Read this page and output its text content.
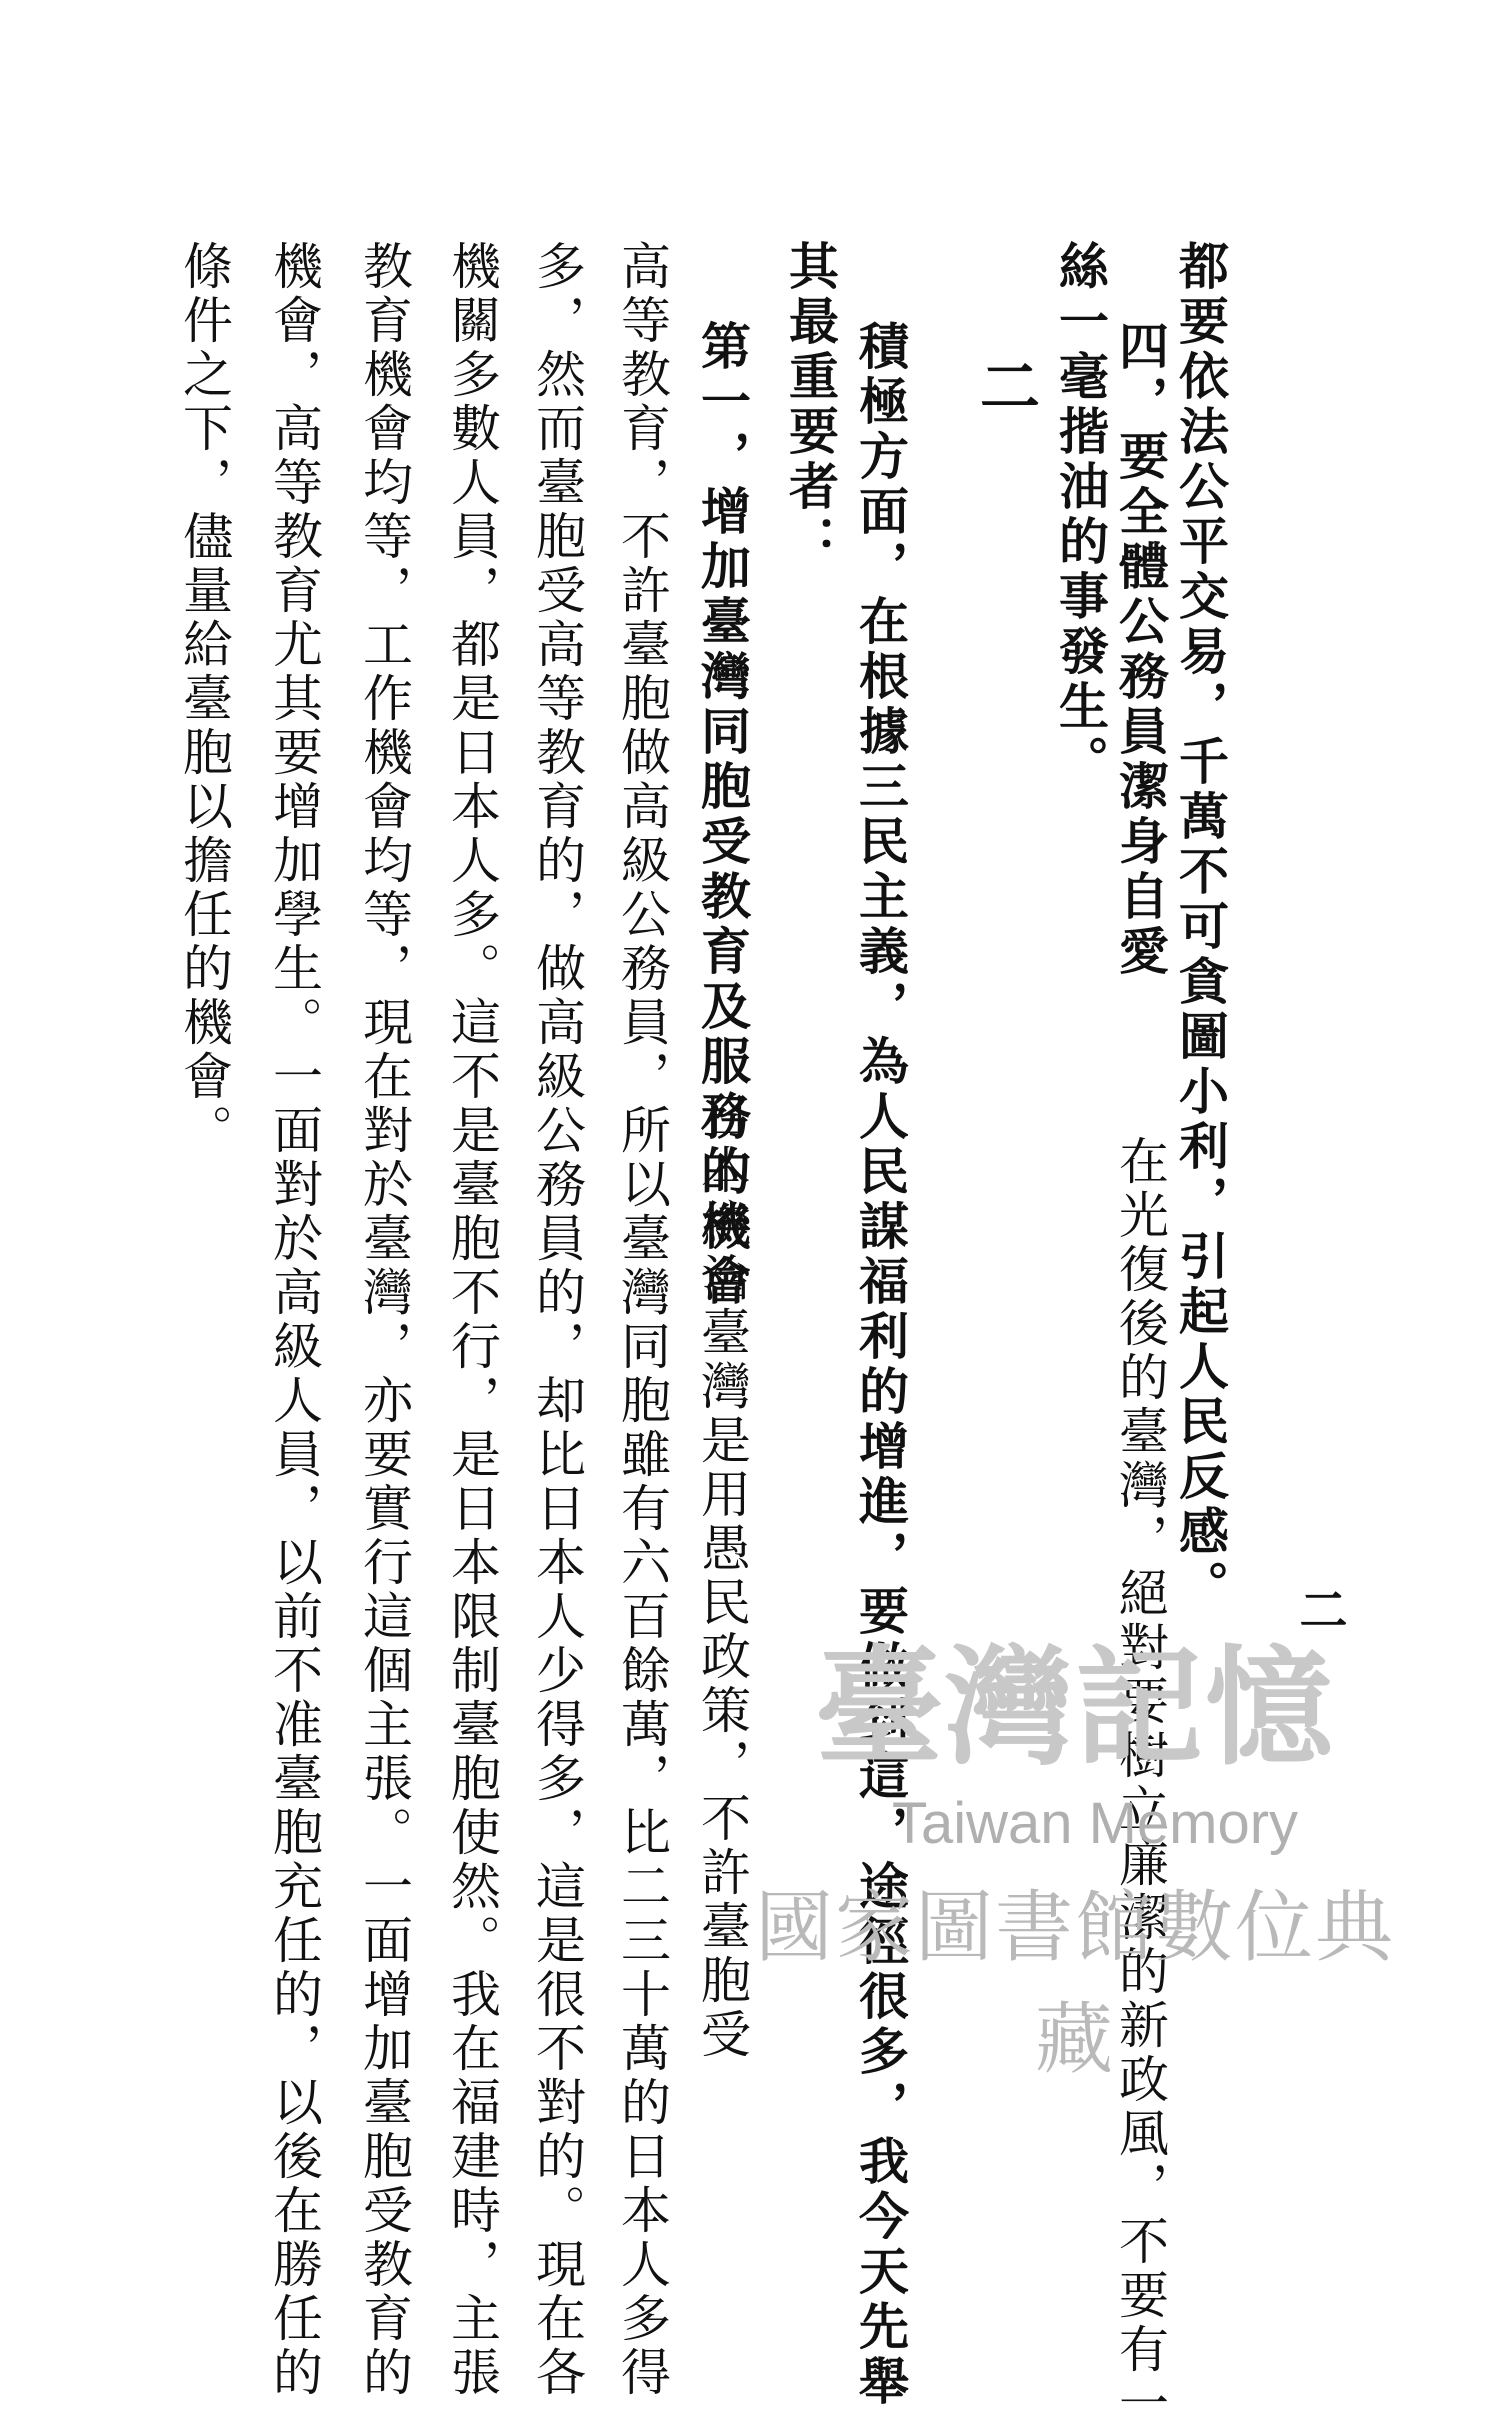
二
都要依法公平交易，千萬不可貪圖小利，引起人民反感。
四，要全體公務員潔身自愛
在光復後的臺灣，絕對要樹立廉潔的新政風，不要有一
絲一毫揩油的事發生。
二
積極方面，在根據三民主義，為人民謀福利的增進，要做到這，途徑很多，我今天先舉
其最重要者：
第一，增加臺灣同胞受教育及服務的機會
日本統治臺灣是用愚民政策，不許臺胞受
高等教育，不許臺胞做高級公務員，所以臺灣同胞雖有六百餘萬，比二三十萬的日本人多得
多，然而臺胞受高等教育的，做高級公務員的，却比日本人少得多，這是很不對的。現在各
機關多數人員，都是日本人多。這不是臺胞不行，是日本限制臺胞使然。我在福建時，主張
教育機會均等，工作機會均等，現在對於臺灣，亦要實行這個主張。一面增加臺胞受教育的
機會，高等教育尤其要增加學生。一面對於高級人員，以前不准臺胞充任的，以後在勝任的
條件之下，儘量給臺胞以擔任的機會。
臺灣記憶
Taiwan Memory
國家圖書館數位典藏
